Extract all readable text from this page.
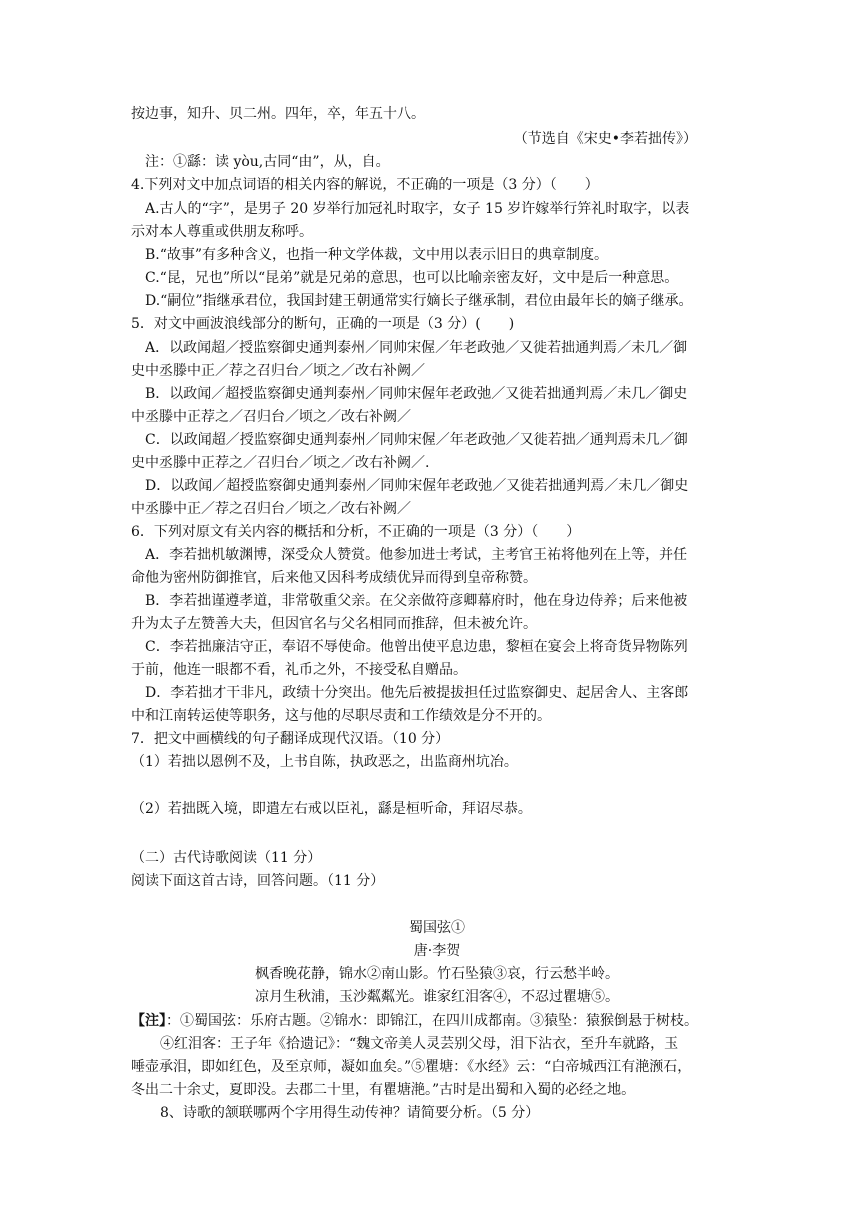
按边事，知升、贝二州。四年，卒，年五十八。
（节选自《宋史•李若拙传》）
注：①繇：读 yòu,古同“由”，从，自。
4.下列对文中加点词语的相关内容的解说，不正确的一项是（3 分）（　　）
A.古人的“字”，是男子 20 岁举行加冠礼时取字，女子 15 岁许嫁举行笄礼时取字，以表
示对本人尊重或供朋友称呼。
B.“故事”有多种含义，也指一种文学体裁，文中用以表示旧日的典章制度。
C.“昆，兄也”所以“昆弟”就是兄弟的意思，也可以比喻亲密友好，文中是后一种意思。
D.“嗣位”指继承君位，我国封建王朝通常实行嫡长子继承制，君位由最年长的嫡子继承。
5．对文中画波浪线部分的断句，正确的一项是（3 分）(　　)
A．以政闻超／授监察御史通判泰州／同帅宋偓／年老政弛／又徙若拙通判焉／未几／御
史中丞滕中正／荐之召归台／顷之／改右补阙／
B．以政闻／超授监察御史通判泰州／同帅宋偓年老政弛／又徙若拙通判焉／未几／御史
中丞滕中正荐之／召归台／顷之／改右补阙／
C．以政闻超／授监察御史通判泰州／同帅宋偓／年老政弛／又徙若拙／通判焉未几／御
史中丞滕中正荐之／召归台／顷之／改右补阙／.
D．以政闻／超授监察御史通判泰州／同帅宋偓年老政弛／又徙若拙通判焉／未几／御史
中丞滕中正／荐之召归台／顷之／改右补阙／
6．下列对原文有关内容的概括和分析，不正确的一项是（3 分）（　　）
A．李若拙机敏渊博，深受众人赞赏。他参加进士考试，主考官王祐将他列在上等，并任
命他为密州防御推官，后来他又因科考成绩优异而得到皇帝称赞。
B．李若拙谨遵孝道，非常敬重父亲。在父亲做符彦卿幕府时，他在身边侍养；后来他被
升为太子左赞善大夫，但因官名与父名相同而推辞，但未被允许。
C．李若拙廉洁守正，奉诏不辱使命。他曾出使平息边患，黎桓在宴会上将奇货异物陈列
于前，他连一眼都不看，礼币之外，不接受私自赠品。
D．李若拙才干非凡，政绩十分突出。他先后被提拔担任过监察御史、起居舍人、主客郎
中和江南转运使等职务，这与他的尽职尽责和工作绩效是分不开的。
7．把文中画横线的句子翻译成现代汉语。（10 分）
（1）若拙以恩例不及，上书自陈，执政恶之，出监商州坑冶。
（2）若拙既入境，即遣左右戒以臣礼，繇是桓听命，拜诏尽恭。
（二）古代诗歌阅读（11 分）
阅读下面这首古诗，回答问题。（11 分）
蜀国弦①
唐·李贺
枫香晚花静，锦水②南山影。竹石坠猿③哀，行云愁半岭。
凉月生秋浦，玉沙粼粼光。谁家红泪客④，不忍过瞿塘⑤。
【注】：①蜀国弦：乐府古题。②锦水：即锦江，在四川成都南。③猿坠：猿猴倒悬于树枝。
④红泪客：王子年《拾遗记》：“魏文帝美人灵芸别父母，泪下沾衣，至升车就路，玉
唾壶承泪，即如红色，及至京师，凝如血矣。”⑤瞿塘：《水经》云：“白帝城西江有滟滪石，
冬出二十余丈，夏即没。去郡二十里，有瞿塘滟。”古时是出蜀和入蜀的必经之地。
8、诗歌的颔联哪两个字用得生动传神？请简要分析。（5 分）
